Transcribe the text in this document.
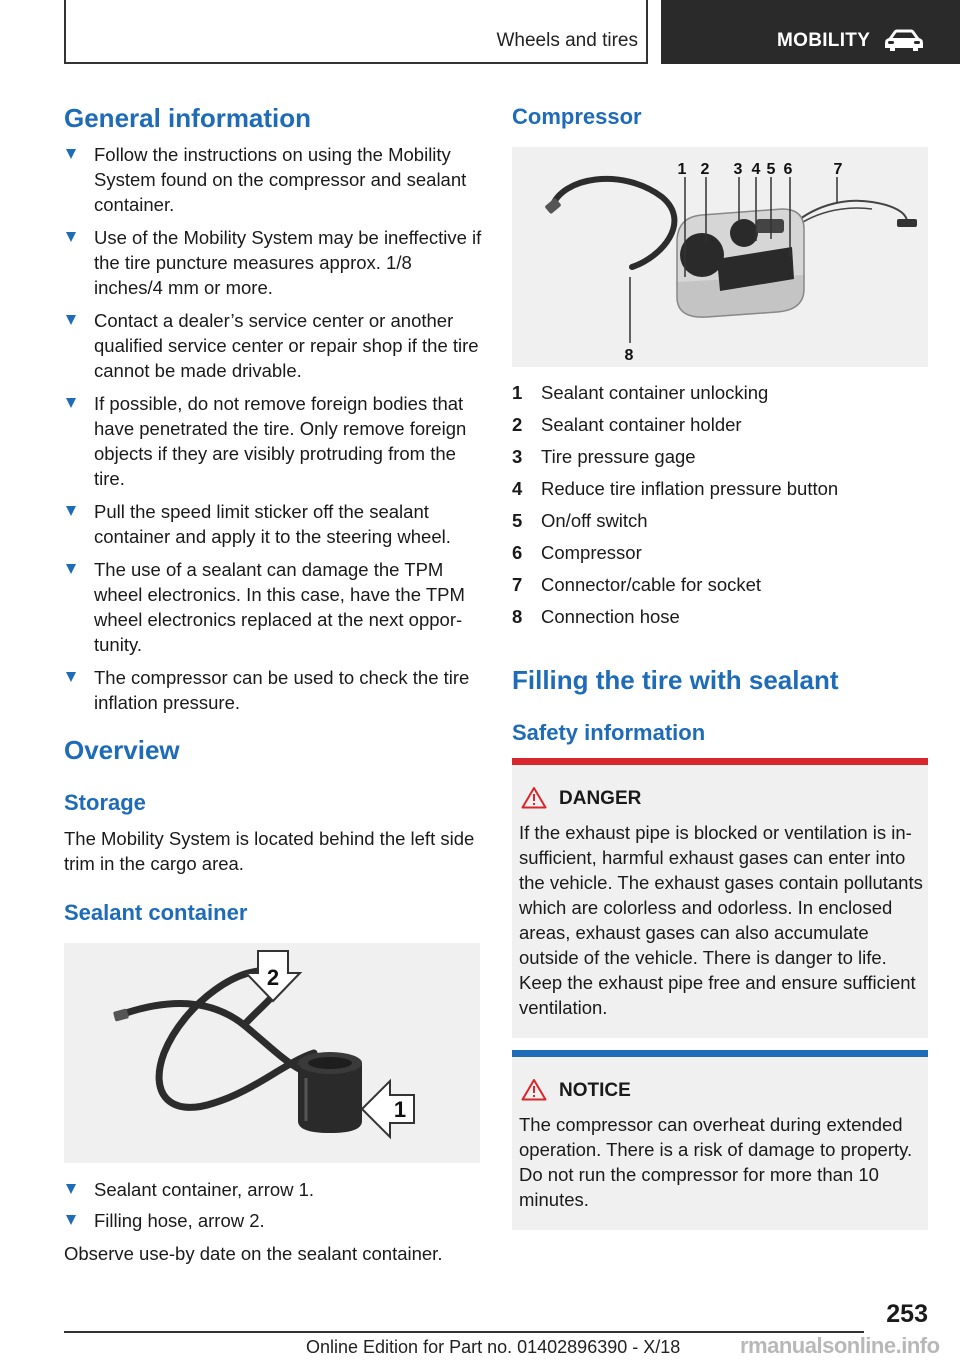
Wheels and tires	MOBILITY
General information
Follow the instructions on using the Mobility System found on the compressor and sealant container.
Use of the Mobility System may be ineffective if the tire puncture measures approx. 1/8 inches/4 mm or more.
Contact a dealer’s service center or another qualified service center or repair shop if the tire cannot be made drivable.
If possible, do not remove foreign bodies that have penetrated the tire. Only remove foreign objects if they are visibly protruding from the tire.
Pull the speed limit sticker off the sealant container and apply it to the steering wheel.
The use of a sealant can damage the TPM wheel electronics. In this case, have the TPM wheel electronics replaced at the next opportunity.
The compressor can be used to check the tire inflation pressure.
Overview
Storage
The Mobility System is located behind the left side trim in the cargo area.
Sealant container
2
1
Sealant container, arrow 1.
Filling hose, arrow 2.
Observe use-by date on the sealant container.
Compressor
1 2 3 4 5 6	7
8
1	Sealant container unlocking
2	Sealant container holder
3	Tire pressure gage
4	Reduce tire inflation pressure button
5	On/off switch
6	Compressor
7	Connector/cable for socket
8	Connection hose
Filling the tire with sealant
Safety information
DANGER
If the exhaust pipe is blocked or ventilation is insufficient, harmful exhaust gases can enter into the vehicle. The exhaust gases contain pollutants which are colorless and odorless. In enclosed areas, exhaust gases can also accumulate outside of the vehicle. There is danger to life. Keep the exhaust pipe free and ensure sufficient ventilation.
NOTICE
The compressor can overheat during extended operation. There is a risk of damage to property. Do not run the compressor for more than 10 minutes.
253
Online Edition for Part no. 01402896390 - X/18	rmanualsonline.info
